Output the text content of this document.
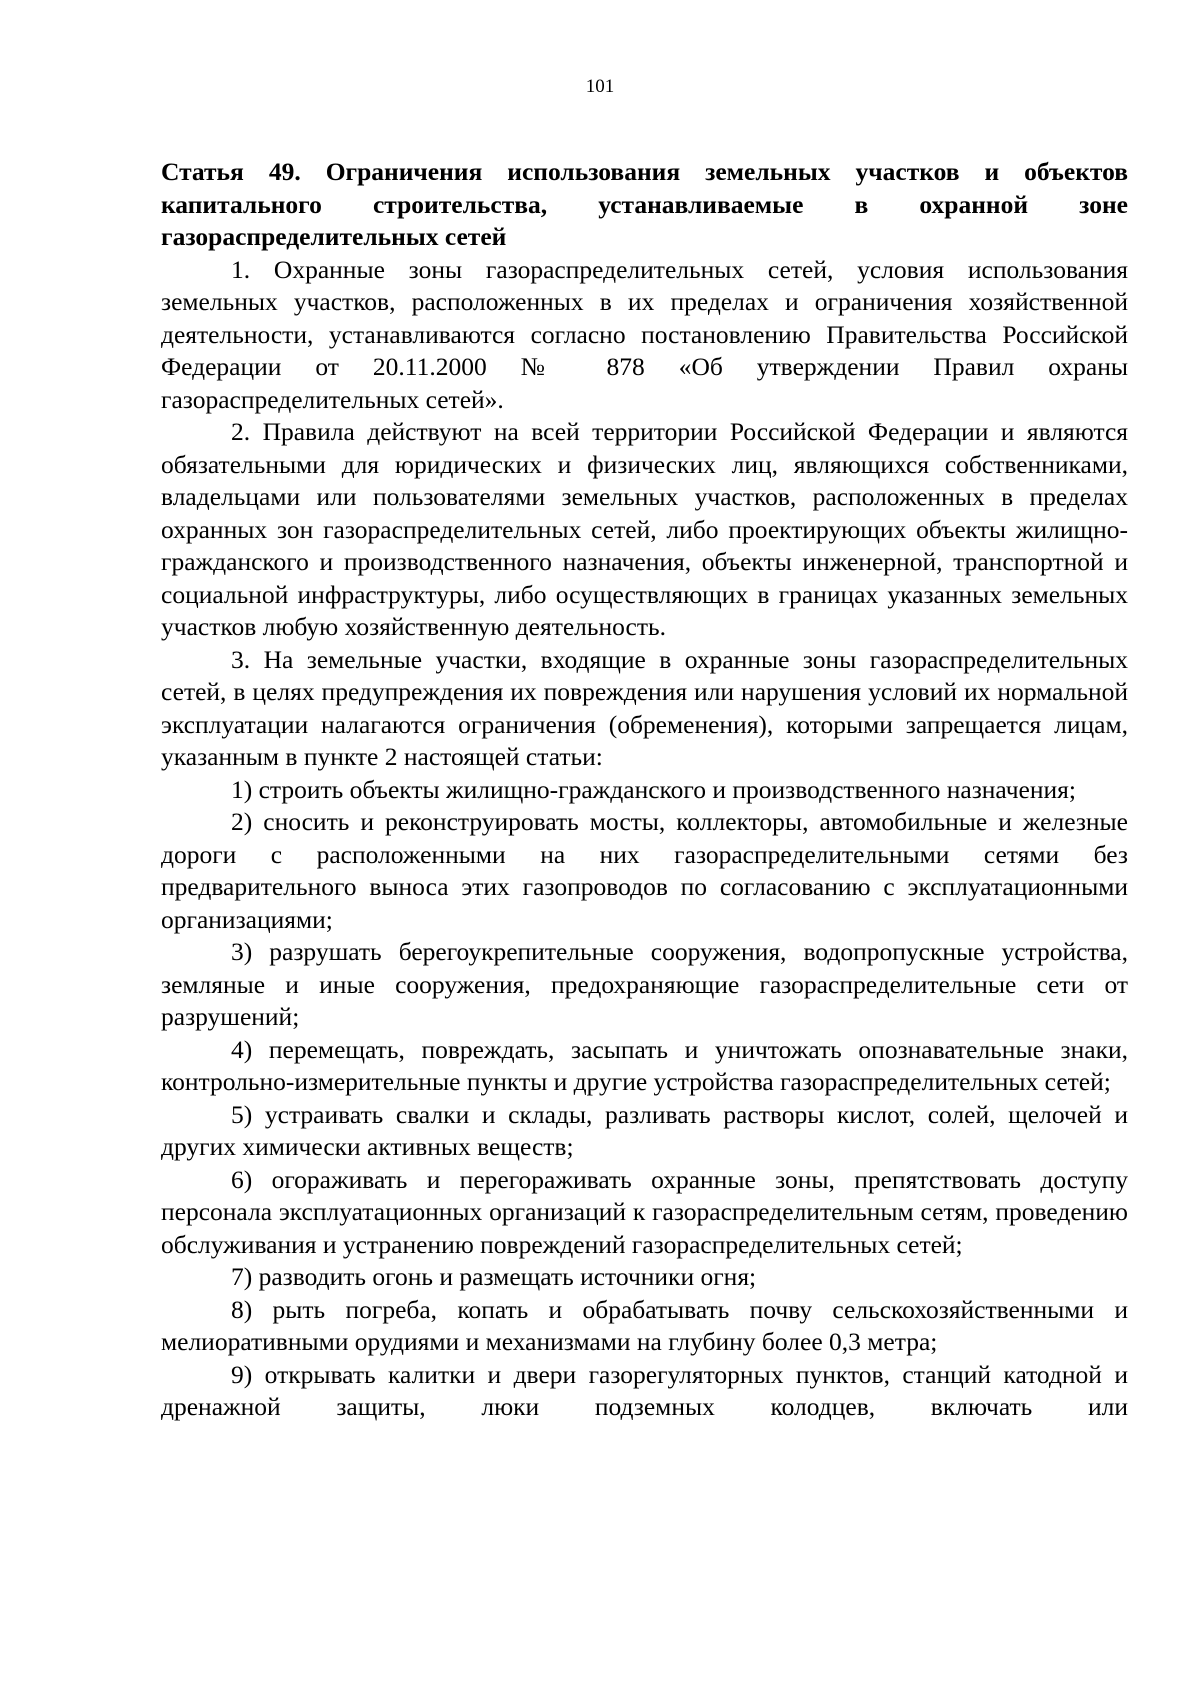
101
Статья 49. Ограничения использования земельных участков и объектов капитального строительства, устанавливаемые в охранной зоне газораспределительных сетей

1. Охранные зоны газораспределительных сетей, условия использования земельных участков, расположенных в их пределах и ограничения хозяйственной деятельности, устанавливаются согласно постановлению Правительства Российской Федерации от 20.11.2000 № 878 «Об утверждении Правил охраны газораспределительных сетей».

2. Правила действуют на всей территории Российской Федерации и являются обязательными для юридических и физических лиц, являющихся собственниками, владельцами или пользователями земельных участков, расположенных в пределах охранных зон газораспределительных сетей, либо проектирующих объекты жилищно-гражданского и производственного назначения, объекты инженерной, транспортной и социальной инфраструктуры, либо осуществляющих в границах указанных земельных участков любую хозяйственную деятельность.

3. На земельные участки, входящие в охранные зоны газораспределительных сетей, в целях предупреждения их повреждения или нарушения условий их нормальной эксплуатации налагаются ограничения (обременения), которыми запрещается лицам, указанным в пункте 2 настоящей статьи:

1) строить объекты жилищно-гражданского и производственного назначения;

2) сносить и реконструировать мосты, коллекторы, автомобильные и железные дороги с расположенными на них газораспределительными сетями без предварительного выноса этих газопроводов по согласованию с эксплуатационными организациями;

3) разрушать берегоукрепительные сооружения, водопропускные устройства, земляные и иные сооружения, предохраняющие газораспределительные сети от разрушений;

4) перемещать, повреждать, засыпать и уничтожать опознавательные знаки, контрольно-измерительные пункты и другие устройства газораспределительных сетей;

5) устраивать свалки и склады, разливать растворы кислот, солей, щелочей и других химически активных веществ;

6) огораживать и перегораживать охранные зоны, препятствовать доступу персонала эксплуатационных организаций к газораспределительным сетям, проведению обслуживания и устранению повреждений газораспределительных сетей;

7) разводить огонь и размещать источники огня;

8) рыть погреба, копать и обрабатывать почву сельскохозяйственными и мелиоративными орудиями и механизмами на глубину более 0,3 метра;

9) открывать калитки и двери газорегуляторных пунктов, станций катодной и дренажной защиты, люки подземных колодцев, включать или
